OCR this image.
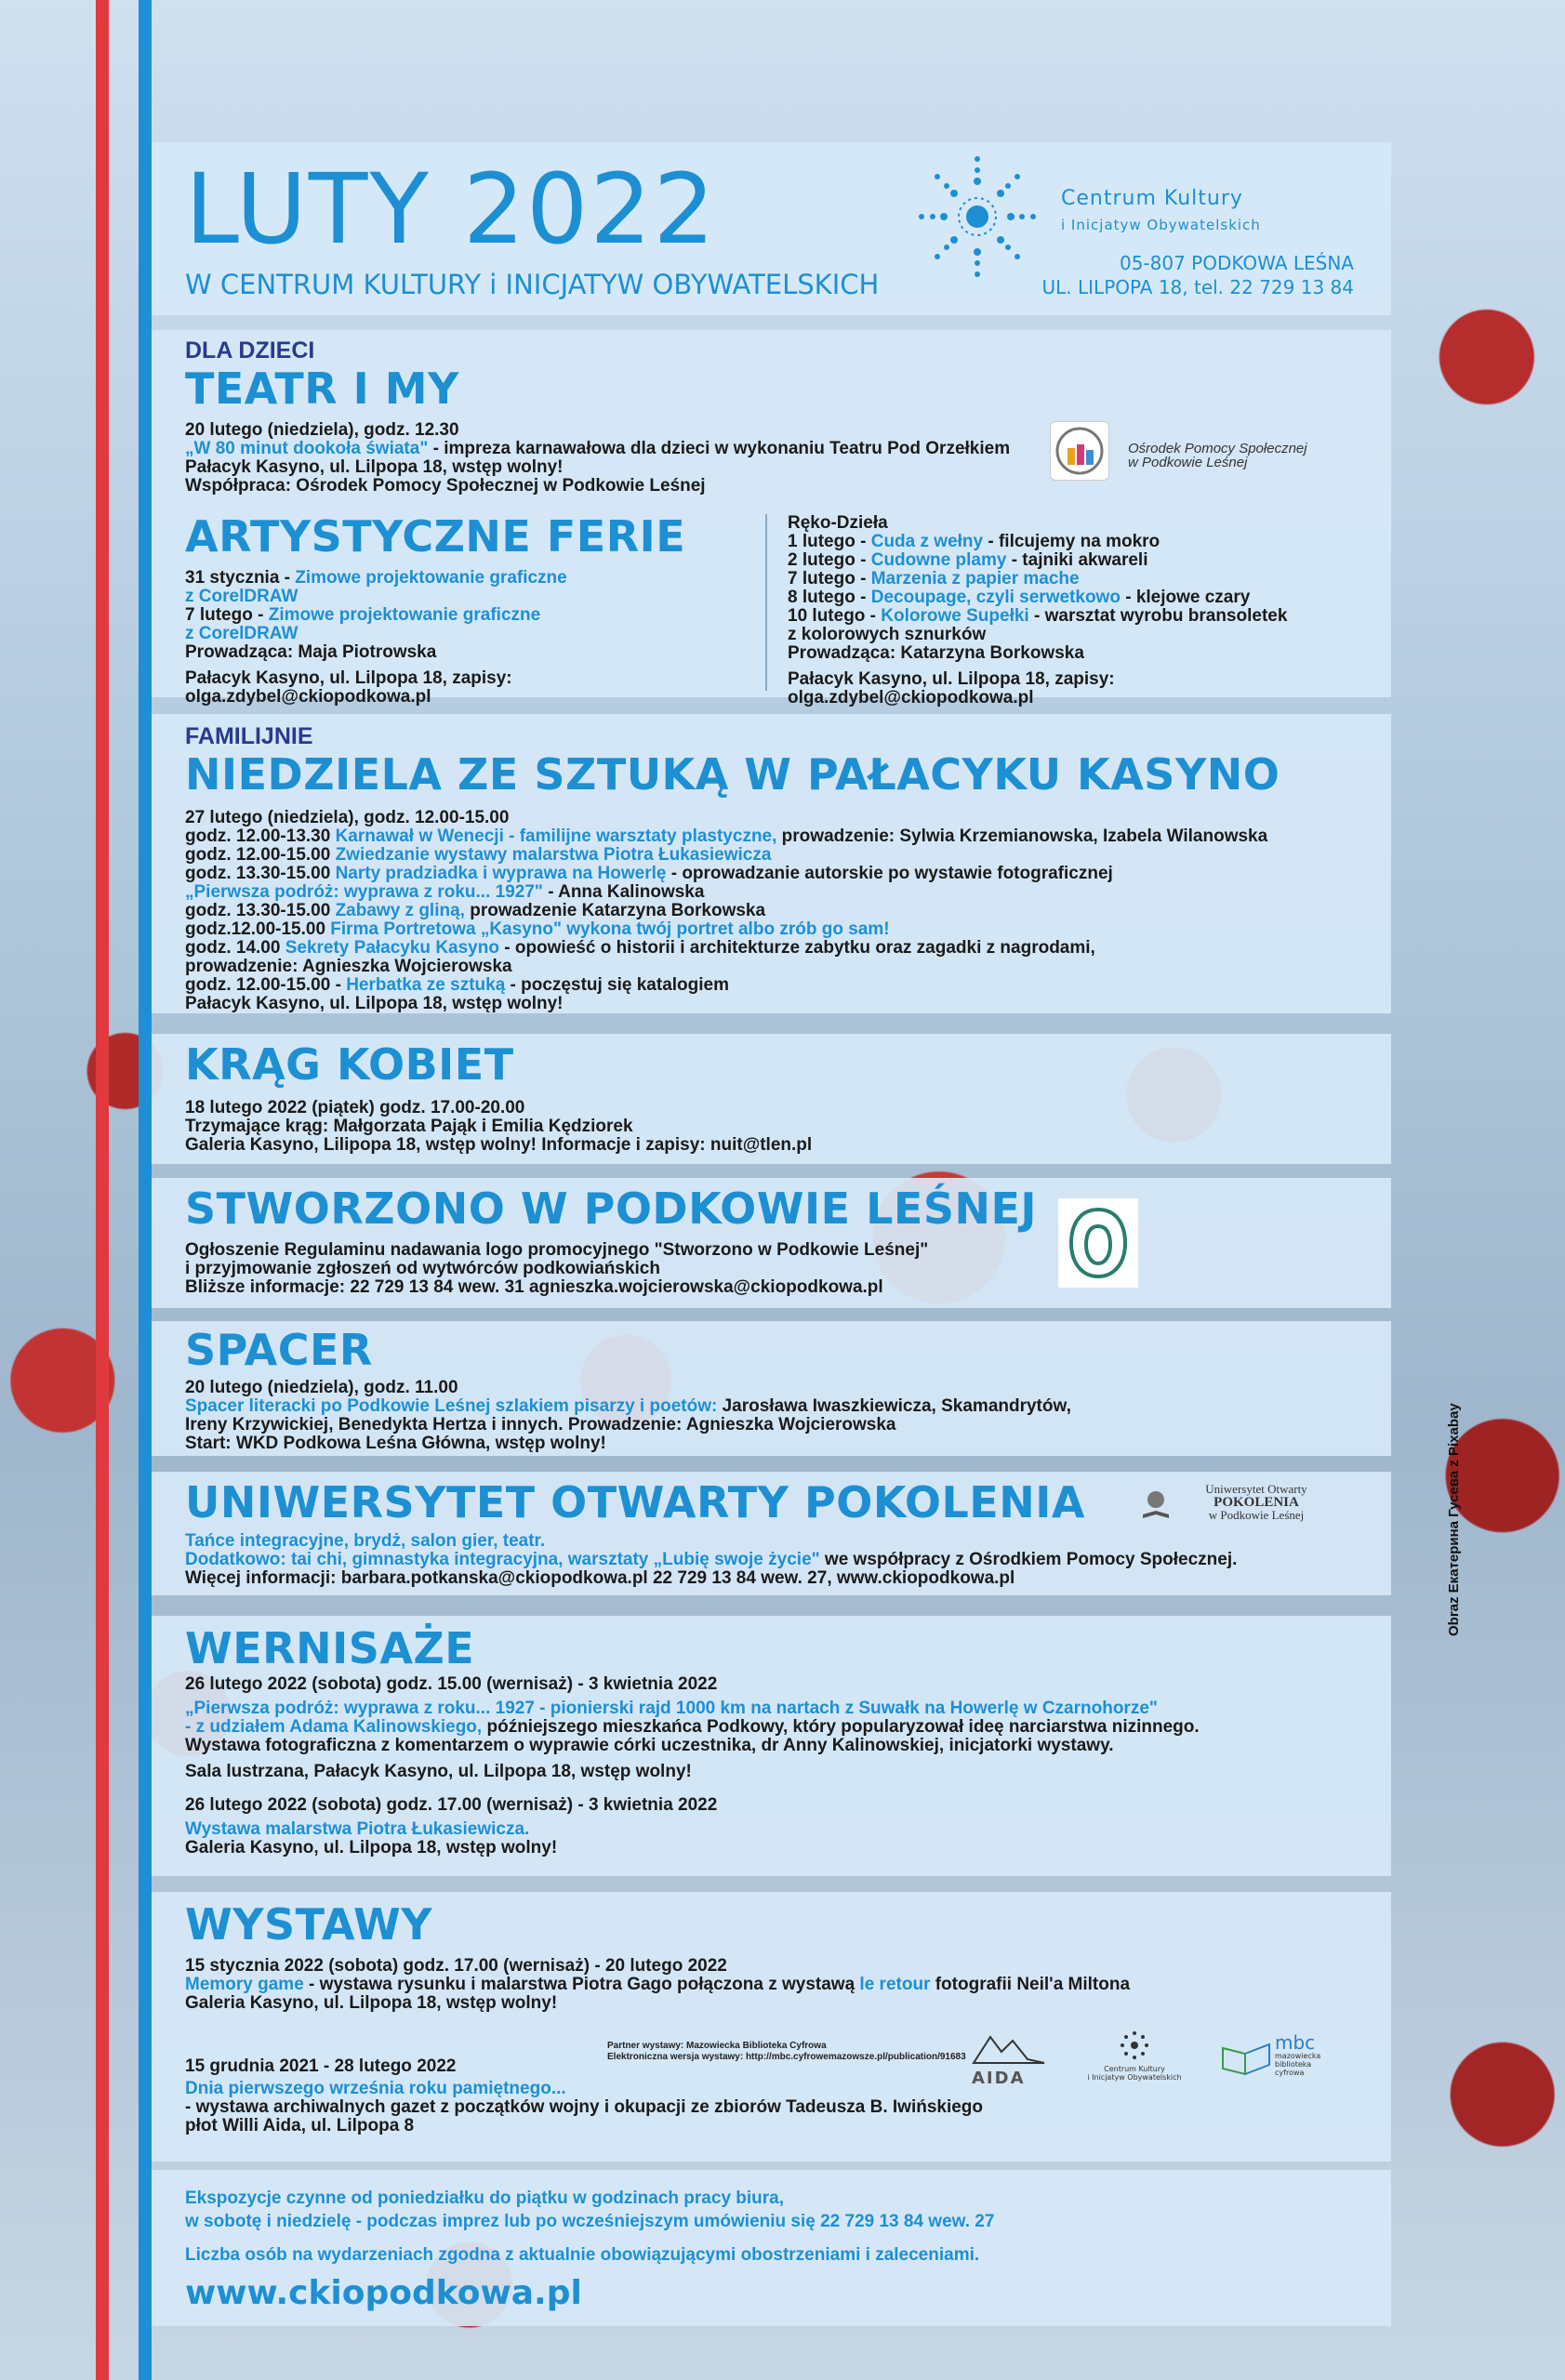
LUTY 2022

W CENTRUM KULTURY i INICJATYW OBYWATELSKICH
Centrum Kultury
i Inicjatyw Obywatelskich
05-807 PODKOWA LEŚNA
UL. LILPOPA 18, tel. 22 729 13 84
DLA DZIECI
TEATR I MY

20 lutego (niedziela), godz. 12.30

„W 80 minut dookoła świata" - impreza karnawałowa dla dzieci w wykonaniu Teatru Pod Orzełkiem

Pałacyk Kasyno, ul. Lilpopa 18, wstęp wolny!

Współpraca: Ośrodek Pomocy Społecznej w Podkowie Leśnej

Ośrodek Pomocy Społecznej
w Podkowie Leśnej
ARTYSTYCZNE FERIE

31 stycznia - Zimowe projektowanie graficzne

z CorelDRAW

7 lutego - Zimowe projektowanie graficzne

z CorelDRAW

Prowadząca: Maja Piotrowska

Pałacyk Kasyno, ul. Lilpopa 18, zapisy: olga.zdybel@ckiopodkowa.pl

Ręko-Dzieła

1 lutego - Cuda z wełny - filcujemy na mokro

2 lutego - Cudowne plamy - tajniki akwareli

7 lutego - Marzenia z papier mache

8 lutego - Decoupage, czyli serwetkowo - klejowe czary

10 lutego - Kolorowe Supełki - warsztat wyrobu bransoletek

z kolorowych sznurków

Prowadząca: Katarzyna Borkowska

Pałacyk Kasyno, ul. Lilpopa 18, zapisy: olga.zdybel@ckiopodkowa.pl

FAMILIJNIE
NIEDZIELA ZE SZTUKĄ W PAŁACYKU KASYNO

27 lutego (niedziela), godz. 12.00-15.00

godz. 12.00-13.30 Karnawał w Wenecji - familijne warsztaty plastyczne, prowadzenie: Sylwia Krzemianowska, Izabela Wilanowska

godz. 12.00-15.00 Zwiedzanie wystawy malarstwa Piotra Łukasiewicza

godz. 13.30-15.00 Narty pradziadka i wyprawa na Howerlę - oprowadzanie autorskie po wystawie fotograficznej

„Pierwsza podróż: wyprawa z roku... 1927" - Anna Kalinowska

godz. 13.30-15.00 Zabawy z gliną, prowadzenie Katarzyna Borkowska

godz.12.00-15.00 Firma Portretowa „Kasyno" wykona twój portret albo zrób go sam!

godz. 14.00 Sekrety Pałacyku Kasyno - opowieść o historii i architekturze zabytku oraz zagadki z nagrodami,

prowadzenie: Agnieszka Wojcierowska

godz. 12.00-15.00 - Herbatka ze sztuką - poczęstuj się katalogiem

Pałacyk Kasyno, ul. Lilpopa 18, wstęp wolny!

KRĄG KOBIET

18 lutego 2022 (piątek) godz. 17.00-20.00

Trzymające krąg: Małgorzata Pająk i Emilia Kędziorek

Galeria Kasyno, Lilipopa 18, wstęp wolny! Informacje i zapisy: nuit@tlen.pl

STWORZONO W PODKOWIE LEŚNEJ

Ogłoszenie Regulaminu nadawania logo promocyjnego "Stworzono w Podkowie Leśnej"

i przyjmowanie zgłoszeń od wytwórców podkowiańskich

Bliższe informacje: 22 729 13 84 wew. 31 agnieszka.wojcierowska@ckiopodkowa.pl

SPACER

20 lutego (niedziela), godz. 11.00

Spacer literacki po Podkowie Leśnej szlakiem pisarzy i poetów: Jarosława Iwaszkiewicza, Skamandrytów,

Ireny Krzywickiej, Benedykta Hertza i innych. Prowadzenie: Agnieszka Wojcierowska

Start: WKD Podkowa Leśna Główna, wstęp wolny!

UNIWERSYTET OTWARTY POKOLENIA

Tańce integracyjne, brydż, salon gier, teatr.

Dodatkowo: tai chi, gimnastyka integracyjna, warsztaty „Lubię swoje życie" we współpracy z Ośrodkiem Pomocy Społecznej.

Więcej informacji: barbara.potkanska@ckiopodkowa.pl 22 729 13 84 wew. 27, www.ckiopodkowa.pl

Uniwersytet Otwarty
POKOLENIA
w Podkowie Leśnej
WERNISAŻE

26 lutego 2022 (sobota) godz. 15.00 (wernisaż) - 3 kwietnia 2022

„Pierwsza podróż: wyprawa z roku... 1927 - pionierski rajd 1000 km na nartach z Suwałk na Howerlę w Czarnohorze"

- z udziałem Adama Kalinowskiego, późniejszego mieszkańca Podkowy, który popularyzował ideę narciarstwa nizinnego.

Wystawa fotograficzna z komentarzem o wyprawie córki uczestnika, dr Anny Kalinowskiej, inicjatorki wystawy.

Sala lustrzana, Pałacyk Kasyno, ul. Lilpopa 18, wstęp wolny!

26 lutego 2022 (sobota) godz. 17.00 (wernisaż) - 3 kwietnia 2022

Wystawa malarstwa Piotra Łukasiewicza.

Galeria Kasyno, ul. Lilpopa 18, wstęp wolny!

WYSTAWY

15 stycznia 2022 (sobota) godz. 17.00 (wernisaż) - 20 lutego 2022

Memory game - wystawa rysunku i malarstwa Piotra Gago połączona z wystawą le retour fotografii Neil'a Miltona

Galeria Kasyno, ul. Lilpopa 18, wstęp wolny!

Partner wystawy: Mazowiecka Biblioteka Cyfrowa
Elektroniczna wersja wystawy: http://mbc.cyfrowemazowsze.pl/publication/91683
AIDA	Centrum Kultury
i Inicjatyw Obywatelskich
mbc
mazowiecka
biblioteka
cyfrowa

15 grudnia 2021 - 28 lutego 2022

Dnia pierwszego września roku pamiętnego...

- wystawa archiwalnych gazet z początków wojny i okupacji ze zbiorów Tadeusza B. Iwińskiego

płot Willi Aida, ul. Lilpopa 8

Ekspozycje czynne od poniedziałku do piątku w godzinach pracy biura,

w sobotę i niedzielę - podczas imprez lub po wcześniejszym umówieniu się 22 729 13 84 wew. 27

Liczba osób na wydarzeniach zgodna z aktualnie obowiązującymi obostrzeniami i zaleceniami.

www.ckiopodkowa.pl

Obraz Екатерина Гусева z Pixabay
